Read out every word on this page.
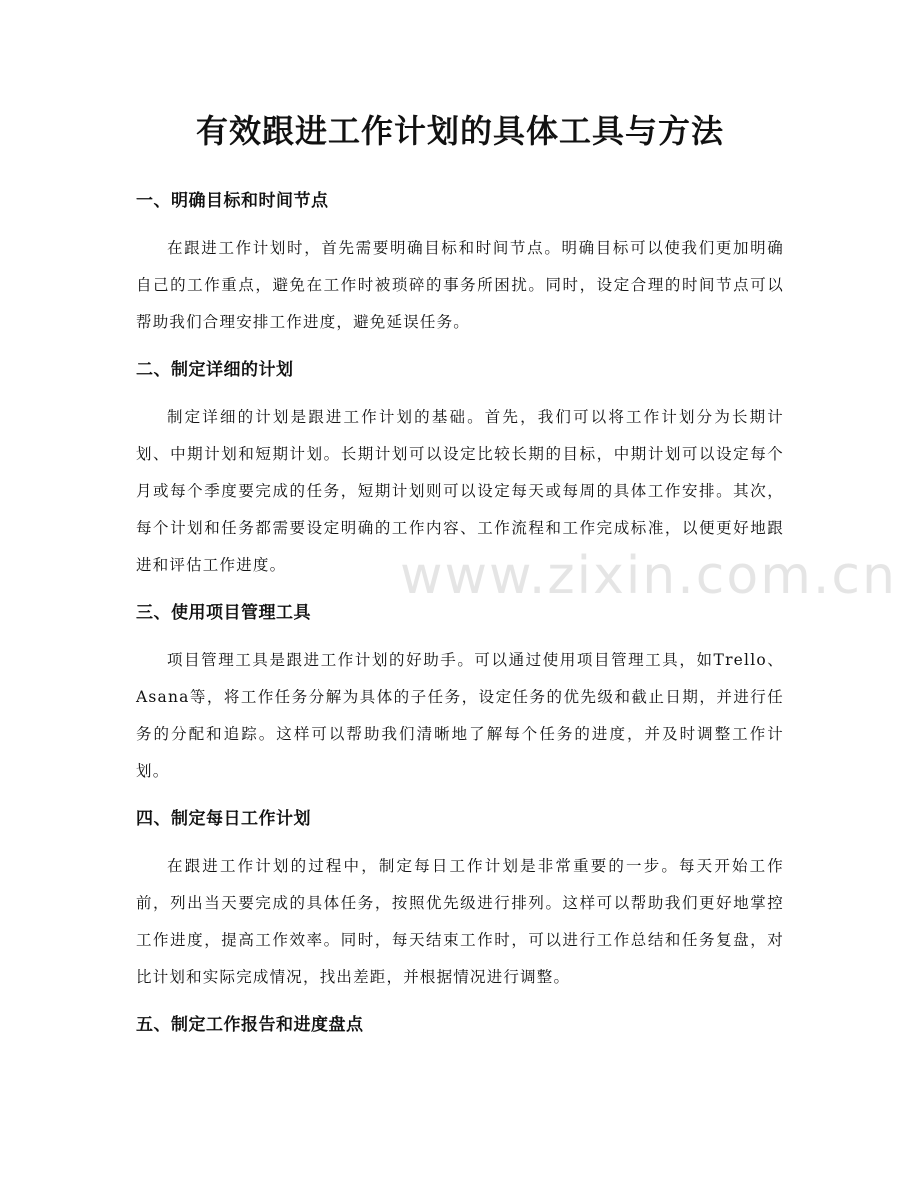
有效跟进工作计划的具体工具与方法
一、明确目标和时间节点

在跟进工作计划时，首先需要明确目标和时间节点。明确目标可以使我们更加明确自己的工作重点，避免在工作时被琐碎的事务所困扰。同时，设定合理的时间节点可以帮助我们合理安排工作进度，避免延误任务。

二、制定详细的计划

制定详细的计划是跟进工作计划的基础。首先，我们可以将工作计划分为长期计划、中期计划和短期计划。长期计划可以设定比较长期的目标，中期计划可以设定每个月或每个季度要完成的任务，短期计划则可以设定每天或每周的具体工作安排。其次，每个计划和任务都需要设定明确的工作内容、工作流程和工作完成标准，以便更好地跟进和评估工作进度。

三、使用项目管理工具

项目管理工具是跟进工作计划的好助手。可以通过使用项目管理工具，如Trello、Asana等，将工作任务分解为具体的子任务，设定任务的优先级和截止日期，并进行任务的分配和追踪。这样可以帮助我们清晰地了解每个任务的进度，并及时调整工作计划。

四、制定每日工作计划

在跟进工作计划的过程中，制定每日工作计划是非常重要的一步。每天开始工作前，列出当天要完成的具体任务，按照优先级进行排列。这样可以帮助我们更好地掌控工作进度，提高工作效率。同时，每天结束工作时，可以进行工作总结和任务复盘，对比计划和实际完成情况，找出差距，并根据情况进行调整。

五、制定工作报告和进度盘点
www.zixin.com.cn
